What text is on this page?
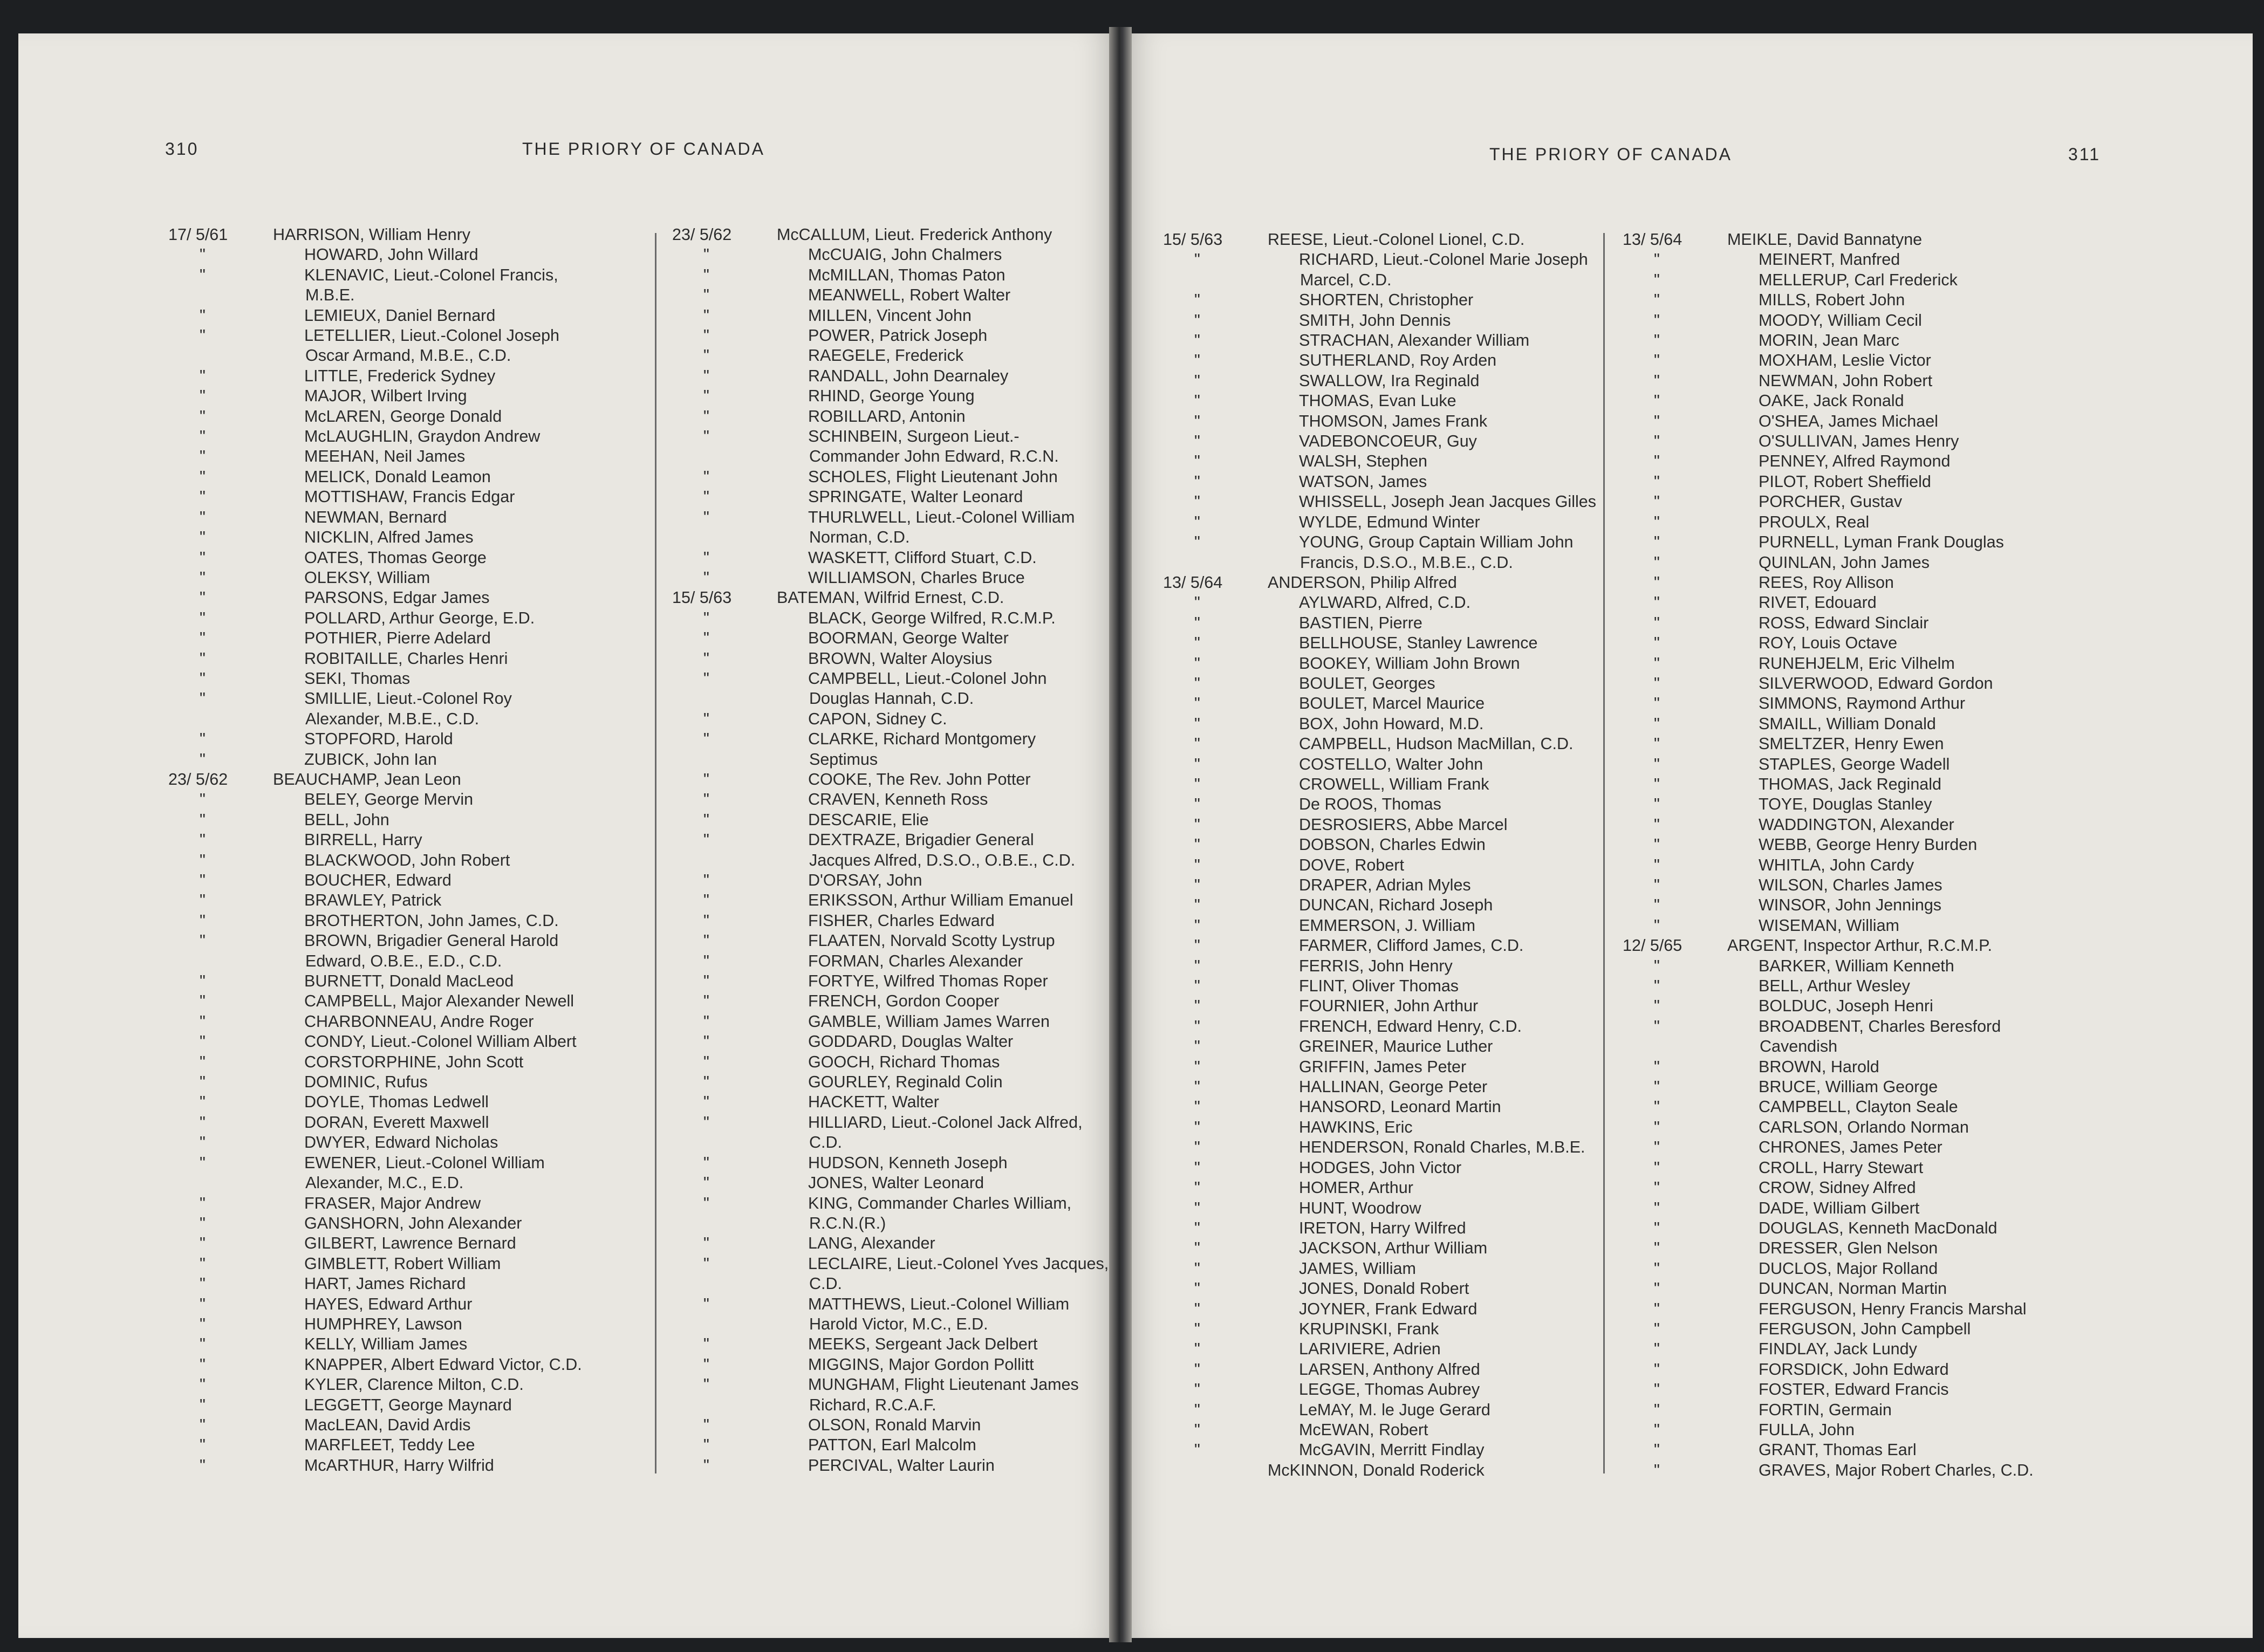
310	THE PRIORY OF CANADA
17/ 5/61	HARRISON, William Henry
"	HOWARD, John Willard
"	KLENAVIC, Lieut.-Colonel Francis,
M.B.E.
"	LEMIEUX, Daniel Bernard
"	LETELLIER, Lieut.-Colonel Joseph
Oscar Armand, M.B.E., C.D.
"	LITTLE, Frederick Sydney
"	MAJOR, Wilbert Irving
"	McLAREN, George Donald
"	McLAUGHLIN, Graydon Andrew
"	MEEHAN, Neil James
"	MELICK, Donald Leamon
"	MOTTISHAW, Francis Edgar
"	NEWMAN, Bernard
"	NICKLIN, Alfred James
"	OATES, Thomas George
"	OLEKSY, William
"	PARSONS, Edgar James
"	POLLARD, Arthur George, E.D.
"	POTHIER, Pierre Adelard
"	ROBITAILLE, Charles Henri
"	SEKI, Thomas
"	SMILLIE, Lieut.-Colonel Roy
Alexander, M.B.E., C.D.
"	STOPFORD, Harold
"	ZUBICK, John Ian
23/ 5/62	BEAUCHAMP, Jean Leon
"	BELEY, George Mervin
"	BELL, John
"	BIRRELL, Harry
"	BLACKWOOD, John Robert
"	BOUCHER, Edward
"	BRAWLEY, Patrick
"	BROTHERTON, John James, C.D.
"	BROWN, Brigadier General Harold
Edward, O.B.E., E.D., C.D.
"	BURNETT, Donald MacLeod
"	CAMPBELL, Major Alexander Newell
"	CHARBONNEAU, Andre Roger
"	CONDY, Lieut.-Colonel William Albert
"	CORSTORPHINE, John Scott
"	DOMINIC, Rufus
"	DOYLE, Thomas Ledwell
"	DORAN, Everett Maxwell
"	DWYER, Edward Nicholas
"	EWENER, Lieut.-Colonel William
Alexander, M.C., E.D.
"	FRASER, Major Andrew
"	GANSHORN, John Alexander
"	GILBERT, Lawrence Bernard
"	GIMBLETT, Robert William
"	HART, James Richard
"	HAYES, Edward Arthur
"	HUMPHREY, Lawson
"	KELLY, William James
"	KNAPPER, Albert Edward Victor, C.D.
"	KYLER, Clarence Milton, C.D.
"	LEGGETT, George Maynard
"	MacLEAN, David Ardis
"	MARFLEET, Teddy Lee
"	McARTHUR, Harry Wilfrid
23/ 5/62	McCALLUM, Lieut. Frederick Anthony
"	McCUAIG, John Chalmers
"	McMILLAN, Thomas Paton
"	MEANWELL, Robert Walter
"	MILLEN, Vincent John
"	POWER, Patrick Joseph
"	RAEGELE, Frederick
"	RANDALL, John Dearnaley
"	RHIND, George Young
"	ROBILLARD, Antonin
"	SCHINBEIN, Surgeon Lieut.-
Commander John Edward, R.C.N.
"	SCHOLES, Flight Lieutenant John
"	SPRINGATE, Walter Leonard
"	THURLWELL, Lieut.-Colonel William
Norman, C.D.
"	WASKETT, Clifford Stuart, C.D.
"	WILLIAMSON, Charles Bruce
15/ 5/63	BATEMAN, Wilfrid Ernest, C.D.
"	BLACK, George Wilfred, R.C.M.P.
"	BOORMAN, George Walter
"	BROWN, Walter Aloysius
"	CAMPBELL, Lieut.-Colonel John
Douglas Hannah, C.D.
"	CAPON, Sidney C.
"	CLARKE, Richard Montgomery
Septimus
"	COOKE, The Rev. John Potter
"	CRAVEN, Kenneth Ross
"	DESCARIE, Elie
"	DEXTRAZE, Brigadier General
Jacques Alfred, D.S.O., O.B.E., C.D.
"	D'ORSAY, John
"	ERIKSSON, Arthur William Emanuel
"	FISHER, Charles Edward
"	FLAATEN, Norvald Scotty Lystrup
"	FORMAN, Charles Alexander
"	FORTYE, Wilfred Thomas Roper
"	FRENCH, Gordon Cooper
"	GAMBLE, William James Warren
"	GODDARD, Douglas Walter
"	GOOCH, Richard Thomas
"	GOURLEY, Reginald Colin
"	HACKETT, Walter
"	HILLIARD, Lieut.-Colonel Jack Alfred,
C.D.
"	HUDSON, Kenneth Joseph
"	JONES, Walter Leonard
"	KING, Commander Charles William,
R.C.N.(R.)
"	LANG, Alexander
"	LECLAIRE, Lieut.-Colonel Yves Jacques,
C.D.
"	MATTHEWS, Lieut.-Colonel William
Harold Victor, M.C., E.D.
"	MEEKS, Sergeant Jack Delbert
"	MIGGINS, Major Gordon Pollitt
"	MUNGHAM, Flight Lieutenant James
Richard, R.C.A.F.
"	OLSON, Ronald Marvin
"	PATTON, Earl Malcolm
"	PERCIVAL, Walter Laurin
THE PRIORY OF CANADA	311
15/ 5/63	REESE, Lieut.-Colonel Lionel, C.D.
"	RICHARD, Lieut.-Colonel Marie Joseph
Marcel, C.D.
"	SHORTEN, Christopher
"	SMITH, John Dennis
"	STRACHAN, Alexander William
"	SUTHERLAND, Roy Arden
"	SWALLOW, Ira Reginald
"	THOMAS, Evan Luke
"	THOMSON, James Frank
"	VADEBONCOEUR, Guy
"	WALSH, Stephen
"	WATSON, James
"	WHISSELL, Joseph Jean Jacques Gilles
"	WYLDE, Edmund Winter
"	YOUNG, Group Captain William John
Francis, D.S.O., M.B.E., C.D.
13/ 5/64	ANDERSON, Philip Alfred
"	AYLWARD, Alfred, C.D.
"	BASTIEN, Pierre
"	BELLHOUSE, Stanley Lawrence
"	BOOKEY, William John Brown
"	BOULET, Georges
"	BOULET, Marcel Maurice
"	BOX, John Howard, M.D.
"	CAMPBELL, Hudson MacMillan, C.D.
"	COSTELLO, Walter John
"	CROWELL, William Frank
"	De ROOS, Thomas
"	DESROSIERS, Abbe Marcel
"	DOBSON, Charles Edwin
"	DOVE, Robert
"	DRAPER, Adrian Myles
"	DUNCAN, Richard Joseph
"	EMMERSON, J. William
"	FARMER, Clifford James, C.D.
"	FERRIS, John Henry
"	FLINT, Oliver Thomas
"	FOURNIER, John Arthur
"	FRENCH, Edward Henry, C.D.
"	GREINER, Maurice Luther
"	GRIFFIN, James Peter
"	HALLINAN, George Peter
"	HANSORD, Leonard Martin
"	HAWKINS, Eric
"	HENDERSON, Ronald Charles, M.B.E.
"	HODGES, John Victor
"	HOMER, Arthur
"	HUNT, Woodrow
"	IRETON, Harry Wilfred
"	JACKSON, Arthur William
"	JAMES, William
"	JONES, Donald Robert
"	JOYNER, Frank Edward
"	KRUPINSKI, Frank
"	LARIVIERE, Adrien
"	LARSEN, Anthony Alfred
"	LEGGE, Thomas Aubrey
"	LeMAY, M. le Juge Gerard
"	McEWAN, Robert
"	McGAVIN, Merritt Findlay
McKINNON, Donald Roderick
13/ 5/64	MEIKLE, David Bannatyne
"	MEINERT, Manfred
"	MELLERUP, Carl Frederick
"	MILLS, Robert John
"	MOODY, William Cecil
"	MORIN, Jean Marc
"	MOXHAM, Leslie Victor
"	NEWMAN, John Robert
"	OAKE, Jack Ronald
"	O'SHEA, James Michael
"	O'SULLIVAN, James Henry
"	PENNEY, Alfred Raymond
"	PILOT, Robert Sheffield
"	PORCHER, Gustav
"	PROULX, Real
"	PURNELL, Lyman Frank Douglas
"	QUINLAN, John James
"	REES, Roy Allison
"	RIVET, Edouard
"	ROSS, Edward Sinclair
"	ROY, Louis Octave
"	RUNEHJELM, Eric Vilhelm
"	SILVERWOOD, Edward Gordon
"	SIMMONS, Raymond Arthur
"	SMAILL, William Donald
"	SMELTZER, Henry Ewen
"	STAPLES, George Wadell
"	THOMAS, Jack Reginald
"	TOYE, Douglas Stanley
"	WADDINGTON, Alexander
"	WEBB, George Henry Burden
"	WHITLA, John Cardy
"	WILSON, Charles James
"	WINSOR, John Jennings
"	WISEMAN, William
12/ 5/65	ARGENT, Inspector Arthur, R.C.M.P.
"	BARKER, William Kenneth
"	BELL, Arthur Wesley
"	BOLDUC, Joseph Henri
"	BROADBENT, Charles Beresford
Cavendish
"	BROWN, Harold
"	BRUCE, William George
"	CAMPBELL, Clayton Seale
"	CARLSON, Orlando Norman
"	CHRONES, James Peter
"	CROLL, Harry Stewart
"	CROW, Sidney Alfred
"	DADE, William Gilbert
"	DOUGLAS, Kenneth MacDonald
"	DRESSER, Glen Nelson
"	DUCLOS, Major Rolland
"	DUNCAN, Norman Martin
"	FERGUSON, Henry Francis Marshal
"	FERGUSON, John Campbell
"	FINDLAY, Jack Lundy
"	FORSDICK, John Edward
"	FOSTER, Edward Francis
"	FORTIN, Germain
"	FULLA, John
"	GRANT, Thomas Earl
"	GRAVES, Major Robert Charles, C.D.
